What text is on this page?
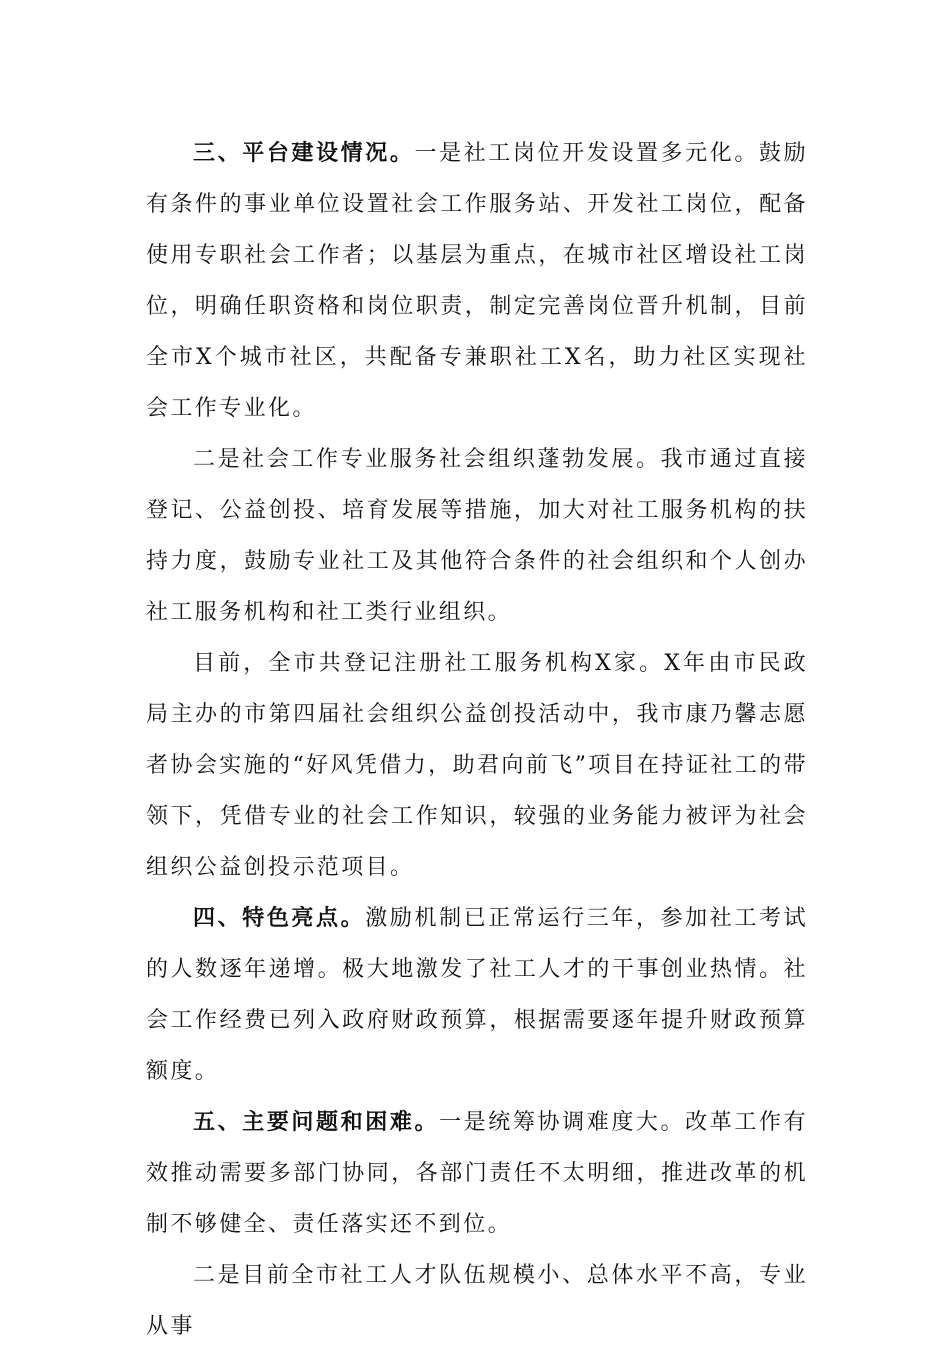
三、平台建设情况。一是社工岗位开发设置多元化。鼓励有条件的事业单位设置社会工作服务站、开发社工岗位，配备使用专职社会工作者；以基层为重点，在城市社区增设社工岗位，明确任职资格和岗位职责，制定完善岗位晋升机制，目前全市X个城市社区，共配备专兼职社工X名，助力社区实现社会工作专业化。

二是社会工作专业服务社会组织蓬勃发展。我市通过直接登记、公益创投、培育发展等措施，加大对社工服务机构的扶持力度，鼓励专业社工及其他符合条件的社会组织和个人创办社工服务机构和社工类行业组织。

目前，全市共登记注册社工服务机构X家。X年由市民政局主办的市第四届社会组织公益创投活动中，我市康乃馨志愿者协会实施的“好风凭借力，助君向前飞”项目在持证社工的带领下，凭借专业的社会工作知识，较强的业务能力被评为社会组织公益创投示范项目。

四、特色亮点。激励机制已正常运行三年，参加社工考试的人数逐年递增。极大地激发了社工人才的干事创业热情。社会工作经费已列入政府财政预算，根据需要逐年提升财政预算额度。

五、主要问题和困难。一是统筹协调难度大。改革工作有效推动需要多部门协同，各部门责任不太明细，推进改革的机制不够健全、责任落实还不到位。

二是目前全市社工人才队伍规模小、总体水平不高，专业从事
